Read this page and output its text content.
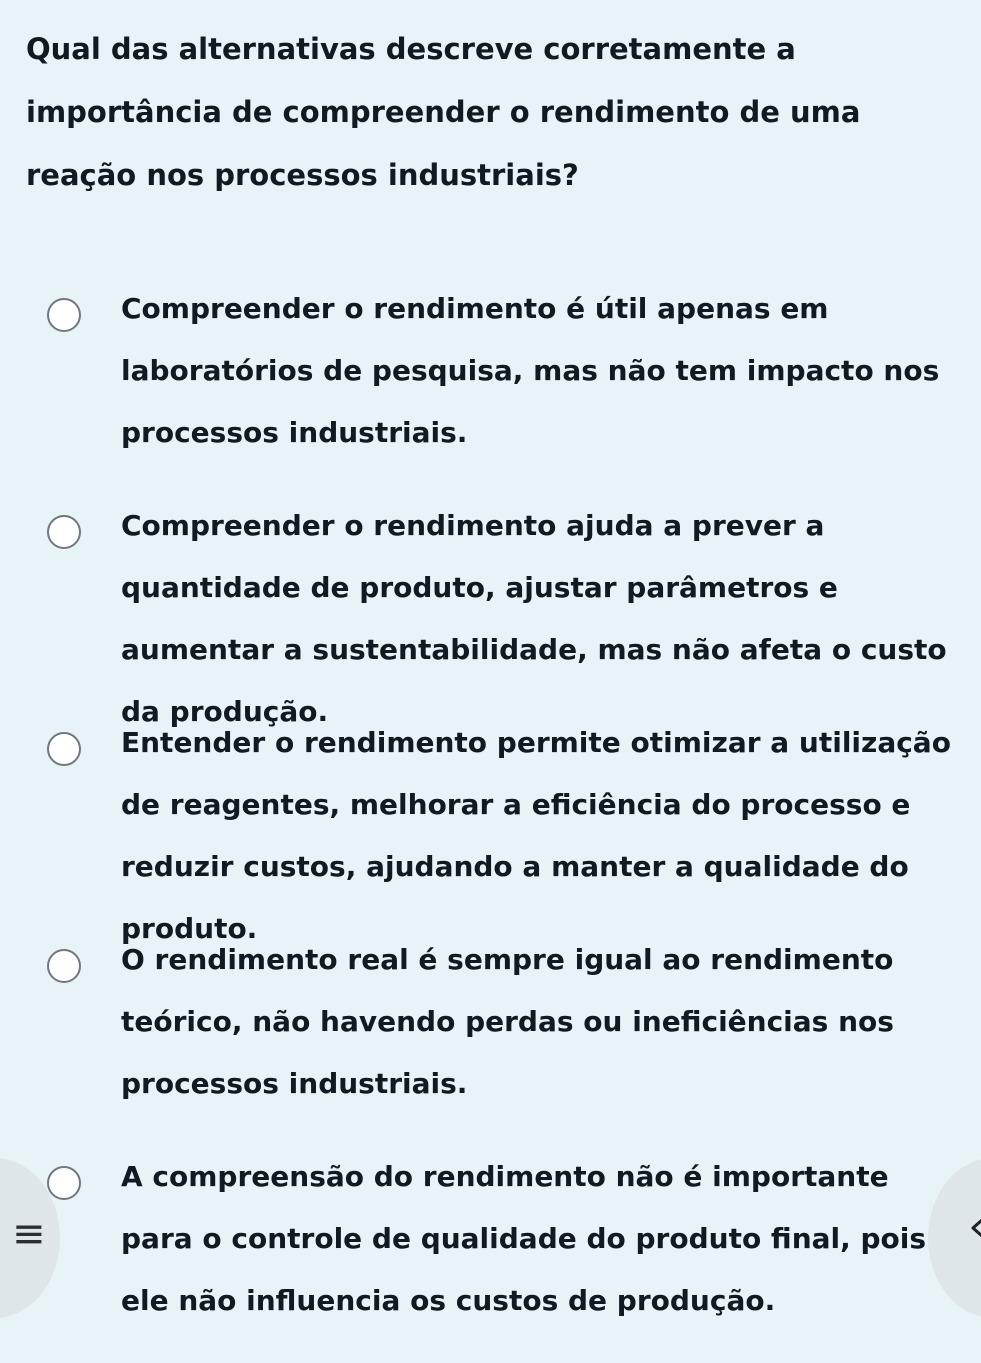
Qual das alternativas descreve corretamente a importância de compreender o rendimento de uma reação nos processos industriais?

Compreender o rendimento é útil apenas em laboratórios de pesquisa, mas não tem impacto nos processos industriais.
Compreender o rendimento ajuda a prever a quantidade de produto, ajustar parâmetros e aumentar a sustentabilidade, mas não afeta o custo da produção.
Entender o rendimento permite otimizar a utilização de reagentes, melhorar a eficiência do processo e reduzir custos, ajudando a manter a qualidade do produto.
O rendimento real é sempre igual ao rendimento teórico, não havendo perdas ou ineficiências nos processos industriais.
A compreensão do rendimento não é importante para o controle de qualidade do produto final, pois ele não influencia os custos de produção.
≡
